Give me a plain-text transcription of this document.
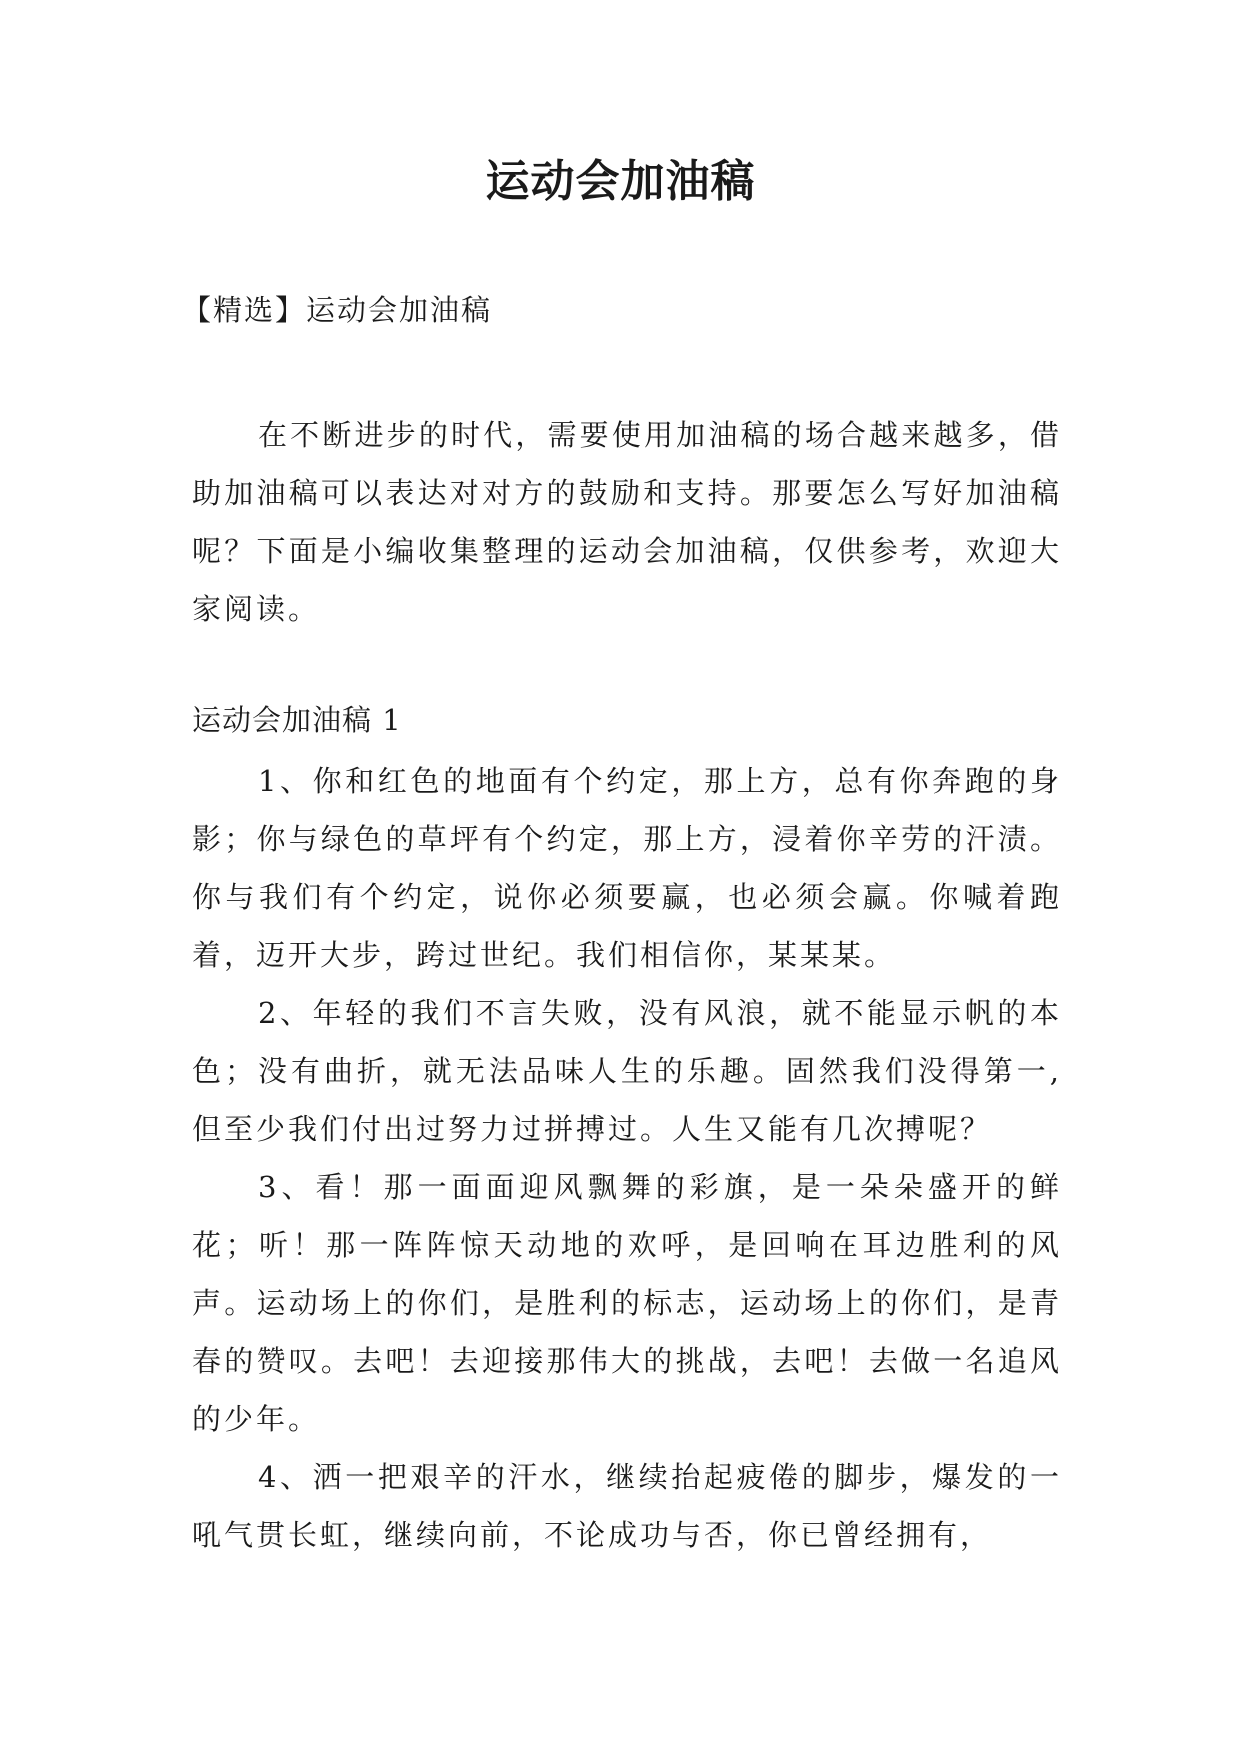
运动会加油稿
【精选】运动会加油稿

在不断进步的时代，需要使用加油稿的场合越来越多，借助加油稿可以表达对对方的鼓励和支持。那要怎么写好加油稿呢？下面是小编收集整理的运动会加油稿，仅供参考，欢迎大家阅读。

运动会加油稿 1

1、你和红色的地面有个约定，那上方，总有你奔跑的身影；你与绿色的草坪有个约定，那上方，浸着你辛劳的汗渍。你与我们有个约定，说你必须要赢，也必须会赢。你喊着跑着，迈开大步，跨过世纪。我们相信你，某某某。

2、年轻的我们不言失败，没有风浪，就不能显示帆的本色；没有曲折，就无法品味人生的乐趣。固然我们没得第一,但至少我们付出过努力过拼搏过。人生又能有几次搏呢？

3、看！那一面面迎风飘舞的彩旗，是一朵朵盛开的鲜花；听！那一阵阵惊天动地的欢呼，是回响在耳边胜利的风声。运动场上的你们，是胜利的标志，运动场上的你们，是青春的赞叹。去吧！去迎接那伟大的挑战，去吧！去做一名追风的少年。

4、洒一把艰辛的汗水，继续抬起疲倦的脚步，爆发的一吼气贯长虹，继续向前，不论成功与否，你已曾经拥有，
